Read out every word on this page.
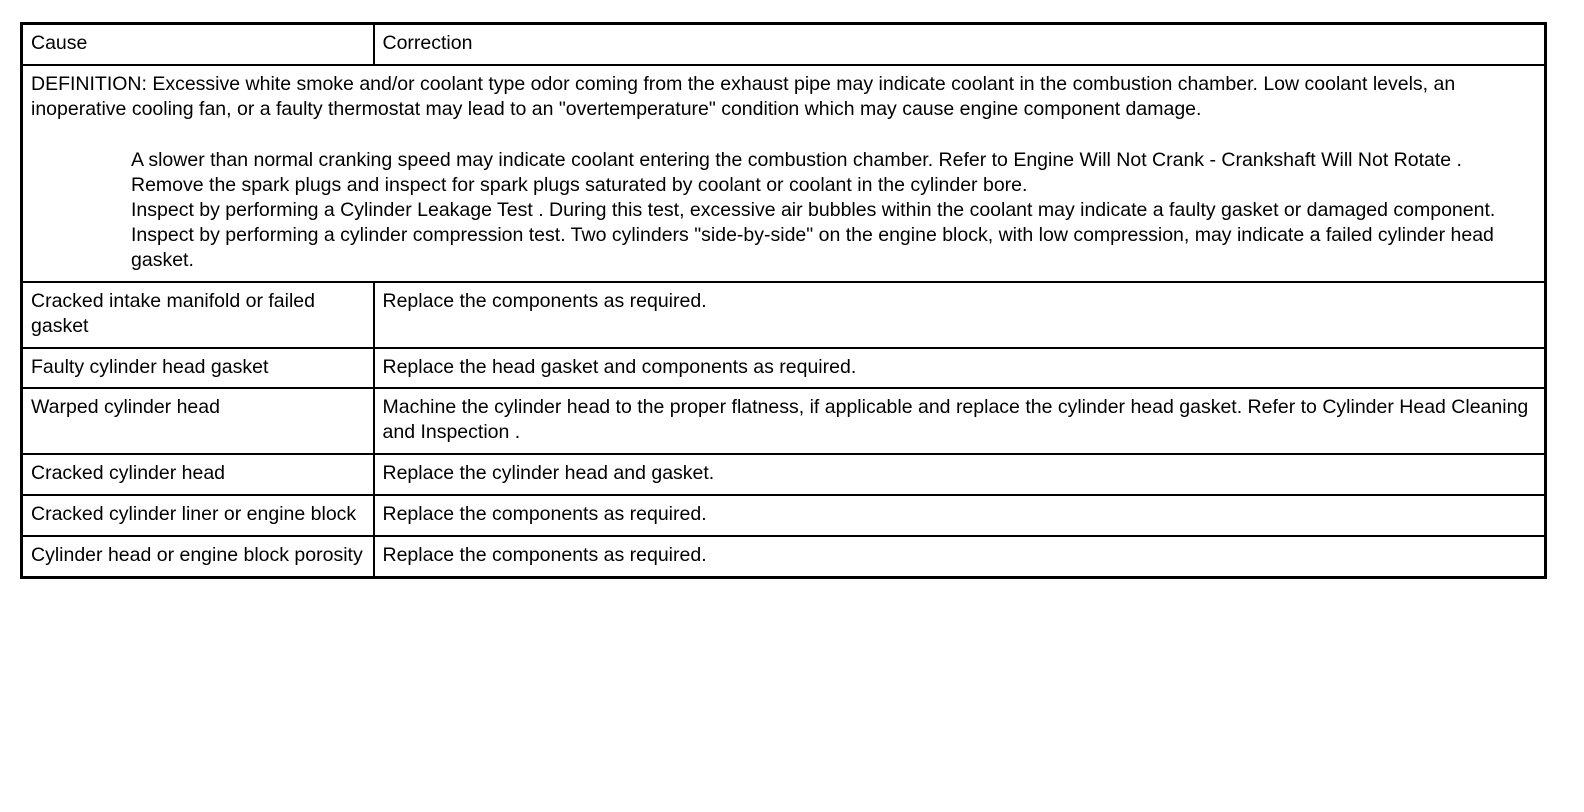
Cause	Correction

DEFINITION: Excessive white smoke and/or coolant type odor coming from the exhaust pipe may indicate coolant in the combustion chamber. Low coolant levels, an inoperative cooling fan, or a faulty thermostat may lead to an "overtemperature" condition which may cause engine component damage.

A slower than normal cranking speed may indicate coolant entering the combustion chamber. Refer to Engine Will Not Crank - Crankshaft Will Not Rotate .
Remove the spark plugs and inspect for spark plugs saturated by coolant or coolant in the cylinder bore.
Inspect by performing a Cylinder Leakage Test . During this test, excessive air bubbles within the coolant may indicate a faulty gasket or damaged component.
Inspect by performing a cylinder compression test. Two cylinders "side-by-side" on the engine block, with low compression, may indicate a failed cylinder head gasket.

Cracked intake manifold or failed gasket	Replace the components as required.
Faulty cylinder head gasket	Replace the head gasket and components as required.
Warped cylinder head	Machine the cylinder head to the proper flatness, if applicable and replace the cylinder head gasket. Refer to Cylinder Head Cleaning and Inspection .
Cracked cylinder head	Replace the cylinder head and gasket.
Cracked cylinder liner or engine block	Replace the components as required.
Cylinder head or engine block porosity	Replace the components as required.
